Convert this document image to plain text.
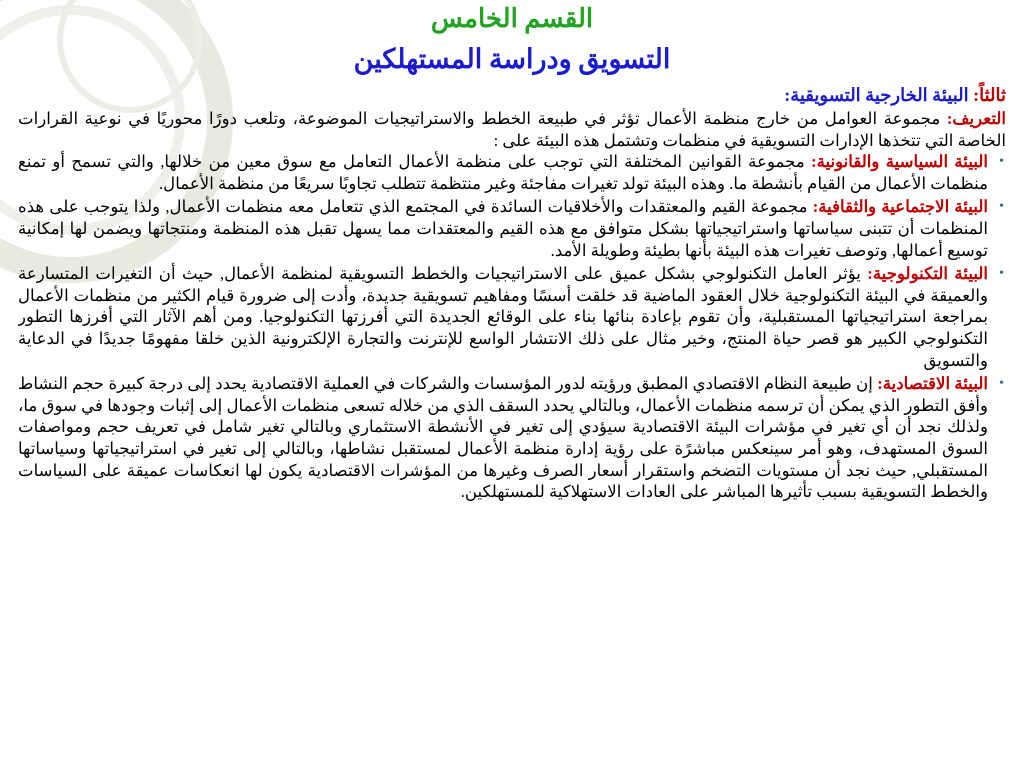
القسم الخامس
التسويق ودراسة المستهلكين
ثالثاً: البيئة الخارجية التسويقية:

التعريف: مجموعة العوامل من خارج منظمة الأعمال تؤثر في طبيعة الخطط والاستراتيجيات الموضوعة، وتلعب دورًا محوريًا في نوعية القرارات الخاصة التي تتخذها الإدارات التسويقية في منظمات وتشتمل هذه البيئة على :

•
البيئة السياسية والقانونية: مجموعة القوانين المختلفة التي توجب على منظمة الأعمال التعامل مع سوق معين من خلالها, والتي تسمح أو تمنع منظمات الأعمال من القيام بأنشطة ما. وهذه البيئة تولد تغيرات مفاجئة وغير منتظمة تتطلب تجاوبًا سريعًا من منظمة الأعمال.
•
البيئة الاجتماعية والثقافية: مجموعة القيم والمعتقدات والأخلاقيات السائدة في المجتمع الذي تتعامل معه منظمات الأعمال, ولذا يتوجب على هذه المنظمات أن تتبنى سياساتها واستراتيجياتها بشكل متوافق مع هذه القيم والمعتقدات مما يسهل تقبل هذه المنظمة ومنتجاتها ويضمن لها إمكانية توسيع أعمالها, وتوصف تغيرات هذه البيئة بأنها بطيئة وطويلة الأمد.
•
البيئة التكنولوجية: يؤثر العامل التكنولوجي بشكل عميق على الاستراتيجيات والخطط التسويقية لمنظمة الأعمال, حيث أن التغيرات المتسارعة والعميقة في البيئة التكنولوجية خلال العقود الماضية قد خلقت أسسًا ومفاهيم تسويقية جديدة، وأدت إلى ضرورة قيام الكثير من منظمات الأعمال بمراجعة استراتيجياتها المستقبلية، وأن تقوم بإعادة بنائها بناء على الوقائع الجديدة التي أفرزتها التكنولوجيا. ومن أهم الآثار التي أفرزها التطور التكنولوجي الكبير هو قصر حياة المنتج، وخير مثال على ذلك الانتشار الواسع للإنترنت والتجارة الإلكترونية الذين خلقا مفهومًا جديدًا في الدعاية والتسويق
•
البيئة الاقتصادية: إن طبيعة النظام الاقتصادي المطبق ورؤيته لدور المؤسسات والشركات في العملية الاقتصادية يحدد إلى درجة كبيرة حجم النشاط وأفق التطور الذي يمكن أن ترسمه منظمات الأعمال، وبالتالي يحدد السقف الذي من خلاله تسعى منظمات الأعمال إلى إثبات وجودها في سوق ما، ولذلك نجد أن أي تغير في مؤشرات البيئة الاقتصادية سيؤدي إلى تغير في الأنشطة الاستثماري وبالتالي تغير شامل في تعريف حجم ومواصفات السوق المستهدف، وهو أمر سينعكس مباشرًة على رؤية إدارة منظمة الأعمال لمستقبل نشاطها، وبالتالي إلى تغير في استراتيجياتها وسياساتها المستقبلي, حيث نجد أن مستويات التضخم واستقرار أسعار الصرف وغيرها من المؤشرات الاقتصادية يكون لها انعكاسات عميقة على السياسات والخطط التسويقية بسبب تأثيرها المباشر على العادات الاستهلاكية للمستهلكين.
